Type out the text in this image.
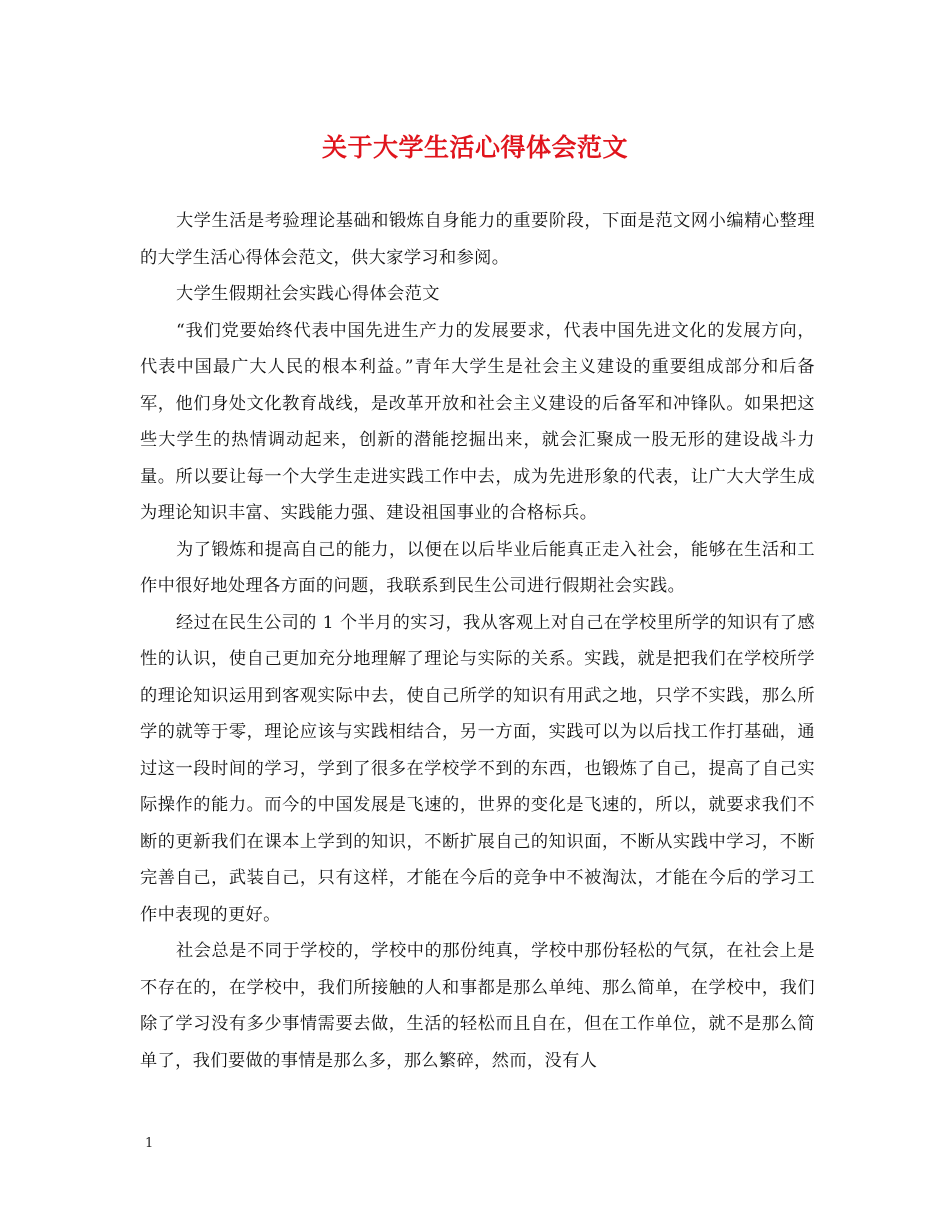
关于大学生活心得体会范文

大学生活是考验理论基础和锻炼自身能力的重要阶段，下面是范文网小编精心整理的大学生活心得体会范文，供大家学习和参阅。

大学生假期社会实践心得体会范文

“我们党要始终代表中国先进生产力的发展要求，代表中国先进文化的发展方向，代表中国最广大人民的根本利益。”青年大学生是社会主义建设的重要组成部分和后备军，他们身处文化教育战线，是改革开放和社会主义建设的后备军和冲锋队。如果把这些大学生的热情调动起来，创新的潜能挖掘出来，就会汇聚成一股无形的建设战斗力量。所以要让每一个大学生走进实践工作中去，成为先进形象的代表，让广大大学生成为理论知识丰富、实践能力强、建设祖国事业的合格标兵。

为了锻炼和提高自己的能力，以便在以后毕业后能真正走入社会，能够在生活和工作中很好地处理各方面的问题，我联系到民生公司进行假期社会实践。

经过在民生公司的 1 个半月的实习，我从客观上对自己在学校里所学的知识有了感性的认识，使自己更加充分地理解了理论与实际的关系。实践，就是把我们在学校所学的理论知识运用到客观实际中去，使自己所学的知识有用武之地，只学不实践，那么所学的就等于零，理论应该与实践相结合，另一方面，实践可以为以后找工作打基础，通过这一段时间的学习，学到了很多在学校学不到的东西，也锻炼了自己，提高了自己实际操作的能力。而今的中国发展是飞速的，世界的变化是飞速的，所以，就要求我们不断的更新我们在课本上学到的知识，不断扩展自己的知识面，不断从实践中学习，不断完善自己，武装自己，只有这样，才能在今后的竞争中不被淘汰，才能在今后的学习工作中表现的更好。

社会总是不同于学校的，学校中的那份纯真，学校中那份轻松的气氛，在社会上是不存在的，在学校中，我们所接触的人和事都是那么单纯、那么简单，在学校中，我们除了学习没有多少事情需要去做，生活的轻松而且自在，但在工作单位，就不是那么简单了，我们要做的事情是那么多，那么繁碎，然而，没有人

1
